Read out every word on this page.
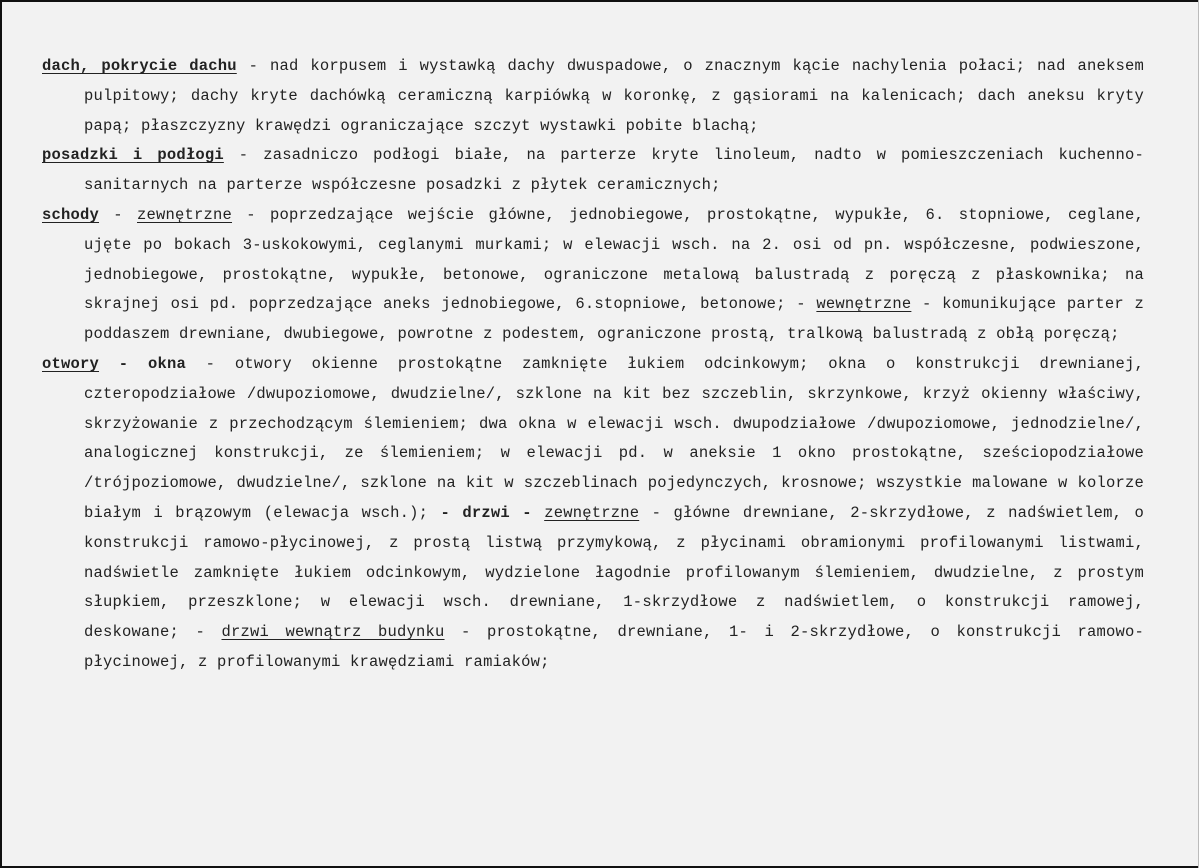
dach, pokrycie dachu - nad korpusem i wystawką dachy dwuspadowe, o znacznym kącie nachylenia połaci; nad aneksem pulpitowy; dachy kryte dachówką ceramiczną karpiówką w koronkę, z gąsiorami na kalenicach; dach aneksu kryty papą; płaszczyzny krawędzi ograniczające szczyt wystawki pobite blachą;
posadzki i podłogi - zasadniczo podłogi białe, na parterze kryte linoleum, nadto w pomieszczeniach kuchenno-sanitarnych na parterze współczesne posadzki z płytek ceramicznych;
schody - zewnętrzne - poprzedzające wejście główne, jednobiegowe, prostokątne, wypukłe, 6. stopniowe, ceglane, ujęte po bokach 3-uskokowymi, ceglanymi murkami; w elewacji wsch. na 2. osi od pn. współczesne, podwieszone, jednobiegowe, prostokątne, wypukłe, betonowe, ograniczone metalową balustradą z poręczą z płaskownika; na skrajnej osi pd. poprzedzające aneks jednobiegowe, 6.stopniowe, betonowe; - wewnętrzne - komunikujące parter z poddaszem drewniane, dwubiegowe, powrotne z podestem, ograniczone prostą, tralkową balustradą z obłą poręczą;
otwory - okna - otwory okienne prostokątne zamknięte łukiem odcinkowym; okna o konstrukcji drewnianej, czteropodziałowe /dwupoziomowe, dwudzielne/, szklone na kit bez szczeblin, skrzynkowe, krzyż okienny właściwy, skrzyżowanie z przechodzącym ślemieniem; dwa okna w elewacji wsch. dwupodziałowe /dwupoziomowe, jednodzielne/, analogicznej konstrukcji, ze ślemieniem; w elewacji pd. w aneksie 1 okno prostokątne, sześciopodziałowe /trójpoziomowe, dwudzielne/, szklone na kit w szczeblinach pojedynczych, krosnowe; wszystkie malowane w kolorze białym i brązowym (elewacja wsch.); - drzwi - zewnętrzne - główne drewniane, 2-skrzydłowe, z nadświetlem, o konstrukcji ramowo-płycinowej, z prostą listwą przymykową, z płycinami obramionymi profilowanymi listwami, nadświetle zamknięte łukiem odcinkowym, wydzielone łagodnie profilowanym ślemieniem, dwudzielne, z prostym słupkiem, przeszklone; w elewacji wsch. drewniane, 1-skrzydłowe z nadświetlem, o konstrukcji ramowej, deskowane; - drzwi wewnątrz budynku - prostokątne, drewniane, 1- i 2-skrzydłowe, o konstrukcji ramowo-płycinowej, z profilowanymi krawędziami ramiaków;
